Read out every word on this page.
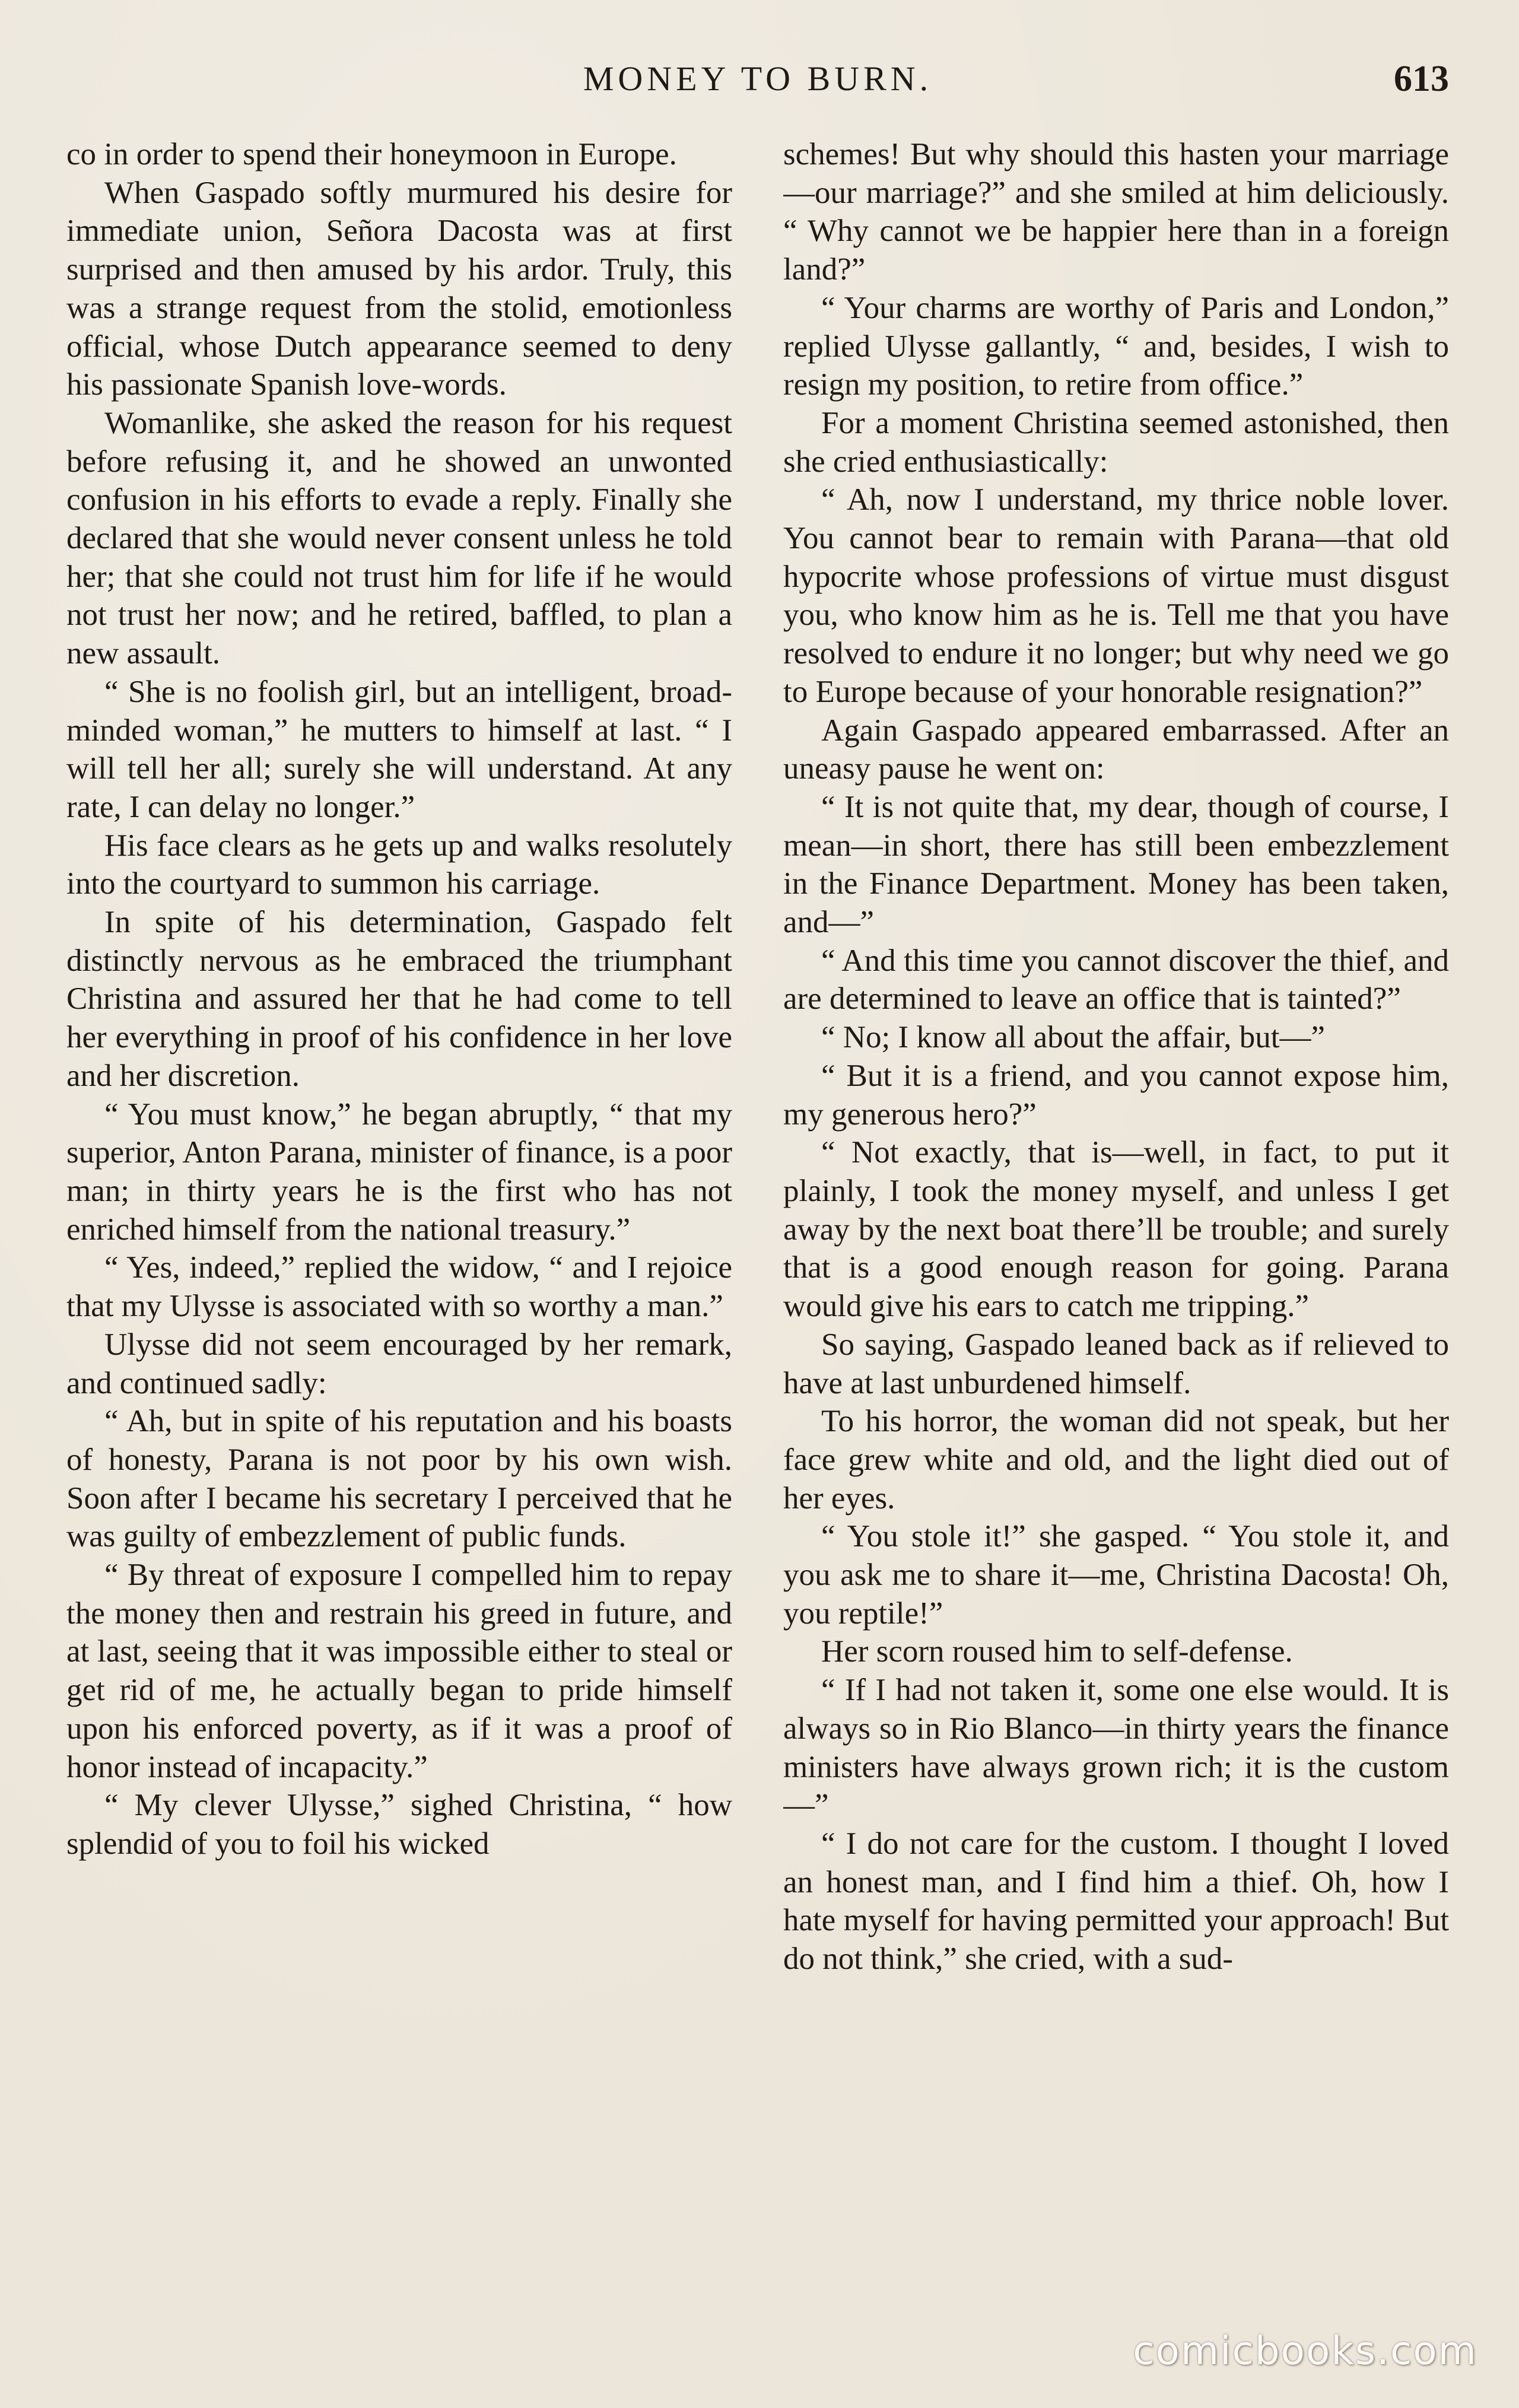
MONEY TO BURN.	613

co in order to spend their honeymoon in Europe.

When Gaspado softly murmured his desire for immediate union, Señora Dacosta was at first surprised and then amused by his ardor. Truly, this was a strange request from the stolid, emotionless official, whose Dutch appearance seemed to deny his passionate Spanish love-words.

Womanlike, she asked the reason for his request before refusing it, and he showed an unwonted confusion in his efforts to evade a reply. Finally she declared that she would never consent unless he told her; that she could not trust him for life if he would not trust her now; and he retired, baffled, to plan a new assault.

“ She is no foolish girl, but an intelligent, broad-minded woman,” he mutters to himself at last. “ I will tell her all; surely she will understand. At any rate, I can delay no longer.”

His face clears as he gets up and walks resolutely into the courtyard to summon his carriage.

In spite of his determination, Gaspado felt distinctly nervous as he embraced the triumphant Christina and assured her that he had come to tell her everything in proof of his confidence in her love and her discretion.

“ You must know,” he began abruptly, “ that my superior, Anton Parana, minister of finance, is a poor man; in thirty years he is the first who has not enriched himself from the national treasury.”

“ Yes, indeed,” replied the widow, “ and I rejoice that my Ulysse is associated with so worthy a man.”

Ulysse did not seem encouraged by her remark, and continued sadly:

“ Ah, but in spite of his reputation and his boasts of honesty, Parana is not poor by his own wish. Soon after I became his secretary I perceived that he was guilty of embezzlement of public funds.

“ By threat of exposure I compelled him to repay the money then and restrain his greed in future, and at last, seeing that it was impossible either to steal or get rid of me, he actually began to pride himself upon his enforced poverty, as if it was a proof of honor instead of incapacity.”

“ My clever Ulysse,” sighed Christina, “ how splendid of you to foil his wicked

schemes! But why should this hasten your marriage—our marriage?” and she smiled at him deliciously. “ Why cannot we be happier here than in a foreign land?”

“ Your charms are worthy of Paris and London,” replied Ulysse gallantly, “ and, besides, I wish to resign my position, to retire from office.”

For a moment Christina seemed astonished, then she cried enthusiastically:

“ Ah, now I understand, my thrice noble lover. You cannot bear to remain with Parana—that old hypocrite whose professions of virtue must disgust you, who know him as he is. Tell me that you have resolved to endure it no longer; but why need we go to Europe because of your honorable resignation?”

Again Gaspado appeared embarrassed. After an uneasy pause he went on:

“ It is not quite that, my dear, though of course, I mean—in short, there has still been embezzlement in the Finance Department. Money has been taken, and—”

“ And this time you cannot discover the thief, and are determined to leave an office that is tainted?”

“ No; I know all about the affair, but—”

“ But it is a friend, and you cannot expose him, my generous hero?”

“ Not exactly, that is—well, in fact, to put it plainly, I took the money myself, and unless I get away by the next boat there’ll be trouble; and surely that is a good enough reason for going. Parana would give his ears to catch me tripping.”

So saying, Gaspado leaned back as if relieved to have at last unburdened himself.

To his horror, the woman did not speak, but her face grew white and old, and the light died out of her eyes.

“ You stole it!” she gasped. “ You stole it, and you ask me to share it—me, Christina Dacosta! Oh, you reptile!”

Her scorn roused him to self-defense.

“ If I had not taken it, some one else would. It is always so in Rio Blanco—in thirty years the finance ministers have always grown rich; it is the custom—”

“ I do not care for the custom. I thought I loved an honest man, and I find him a thief. Oh, how I hate myself for having permitted your approach! But do not think,” she cried, with a sud-

comicbooks.com
